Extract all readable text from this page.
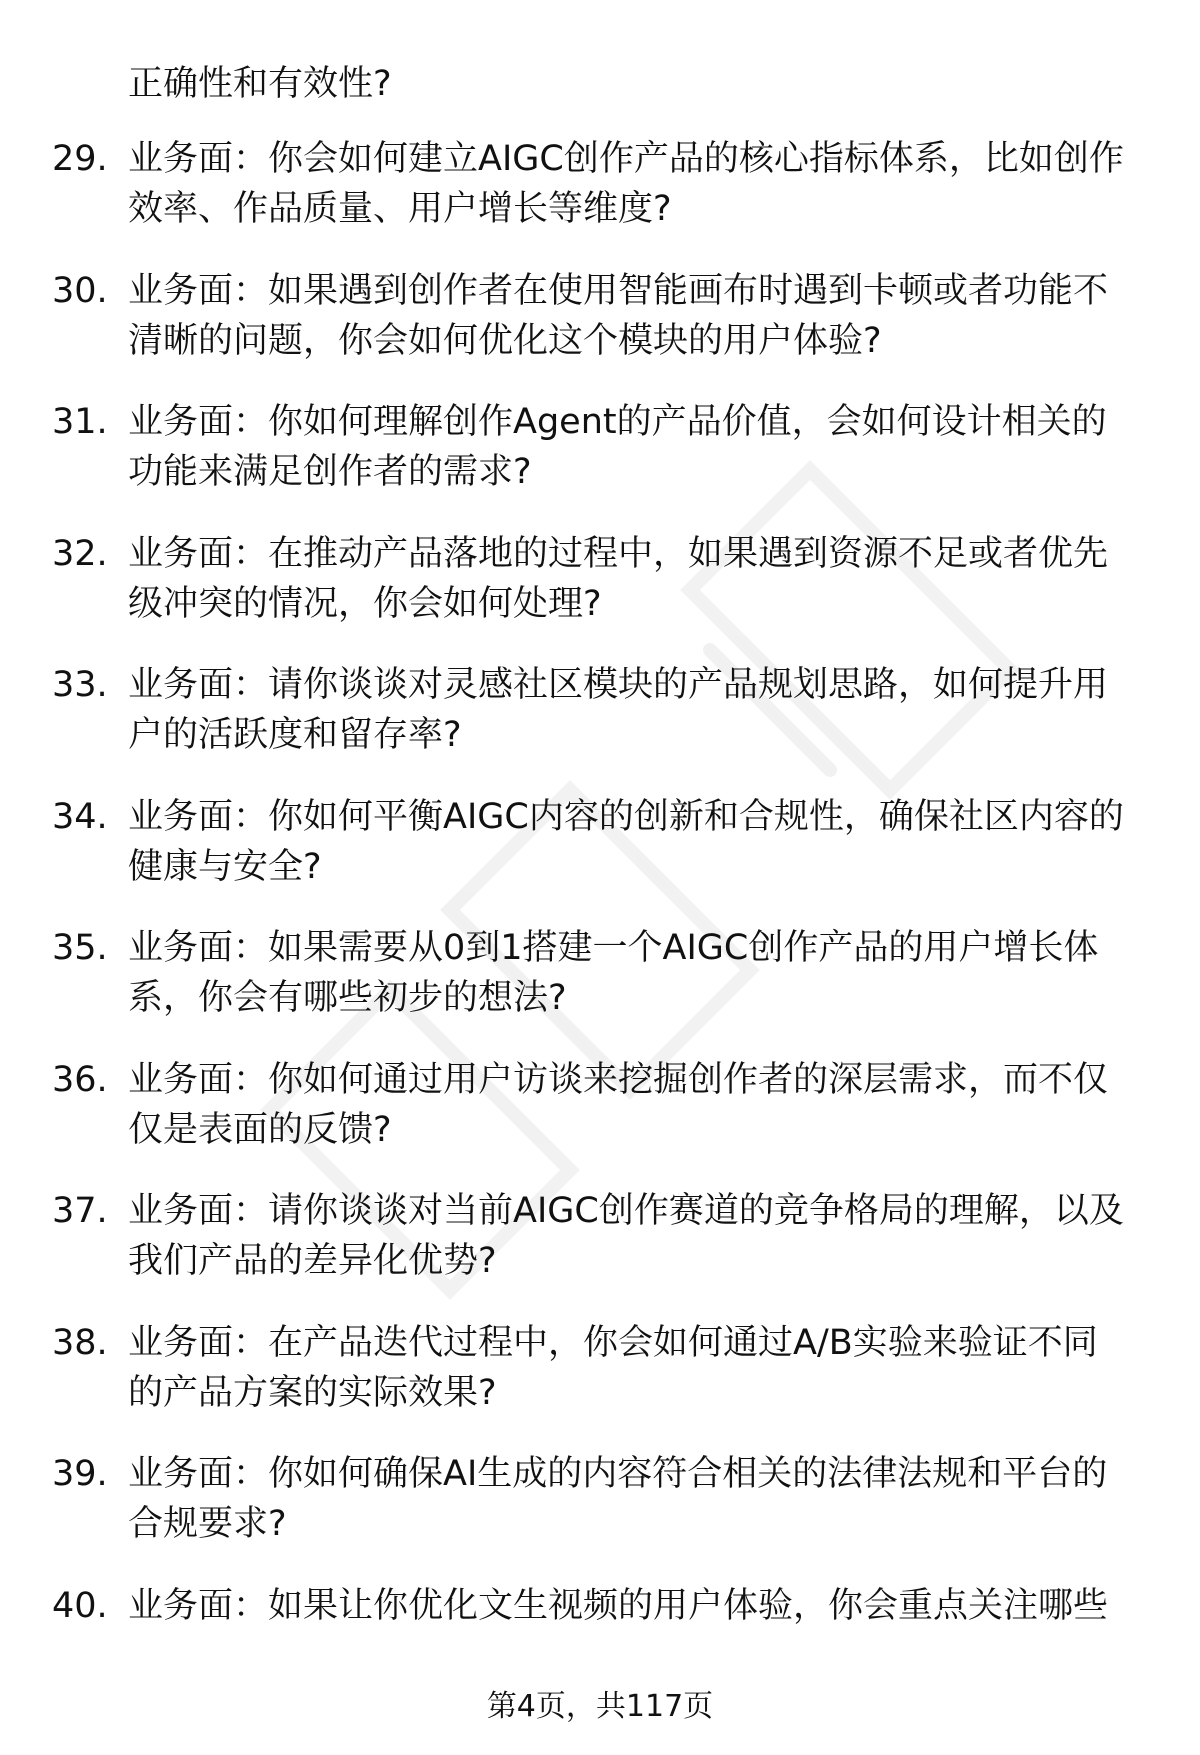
正确性和有效性?
29. 业务面：你会如何建立AIGC创作产品的核心指标体系，比如创作
效率、作品质量、用户增长等维度?
30. 业务面：如果遇到创作者在使用智能画布时遇到卡顿或者功能不
清晰的问题，你会如何优化这个模块的用户体验?
31. 业务面：你如何理解创作Agent的产品价值，会如何设计相关的
功能来满足创作者的需求?
32. 业务面：在推动产品落地的过程中，如果遇到资源不足或者优先
级冲突的情况，你会如何处理?
33. 业务面：请你谈谈对灵感社区模块的产品规划思路，如何提升用
户的活跃度和留存率?
34. 业务面：你如何平衡AIGC内容的创新和合规性，确保社区内容的
健康与安全?
35. 业务面：如果需要从0到1搭建一个AIGC创作产品的用户增长体
系，你会有哪些初步的想法?
36. 业务面：你如何通过用户访谈来挖掘创作者的深层需求，而不仅
仅是表面的反馈?
37. 业务面：请你谈谈对当前AIGC创作赛道的竞争格局的理解，以及
我们产品的差异化优势?
38. 业务面：在产品迭代过程中，你会如何通过A/B实验来验证不同
的产品方案的实际效果?
39. 业务面：你如何确保AI生成的内容符合相关的法律法规和平台的
合规要求?
40. 业务面：如果让你优化文生视频的用户体验，你会重点关注哪些
第4页，共117页
